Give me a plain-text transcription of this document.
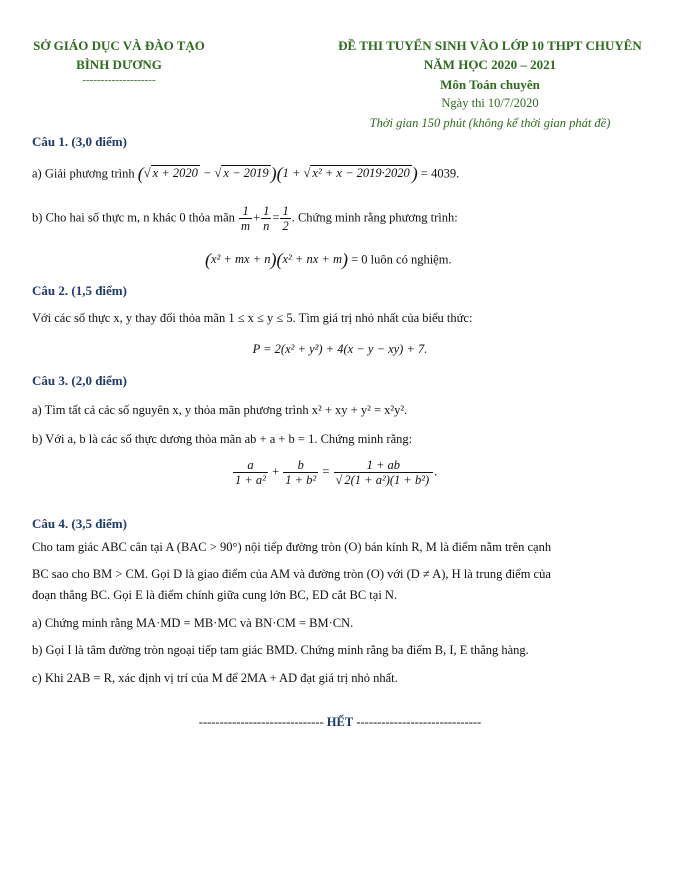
SỞ GIÁO DỤC VÀ ĐÀO TẠO
BÌNH DƯƠNG
--------------------
ĐỀ THI TUYỂN SINH VÀO LỚP 10 THPT CHUYÊN
NĂM HỌC 2020 – 2021
Môn Toán chuyên
Ngày thi 10/7/2020
Thời gian 150 phút (không kể thời gian phát đề)
Câu 1. (3,0 điểm)
a) Giải phương trình (√ x + 2020 − √ x − 2019 )(1 + √ x² + x − 2019·2020 ) = 4039.
b) Cho hai số thực m, n khác 0 thỏa mãn $\frac{1}{m} + \frac{1}{n} = \frac{1}{2}$ . Chứng minh rằng phương trình:
(x² + mx + n)(x² + nx + m) = 0 luôn có nghiệm.
Câu 2. (1,5 điểm)
Với các số thực x, y thay đổi thỏa mãn 1 ≤ x ≤ y ≤ 5. Tìm giá trị nhỏ nhất của biểu thức:
P = 2(x² + y²) + 4(x − y − xy) + 7.
Câu 3. (2,0 điểm)
a) Tìm tất cả các số nguyên x, y thỏa mãn phương trình x² + xy + y² = x²y².
b) Với a, b là các số thực dương thỏa mãn ab + a + b = 1. Chứng minh rằng:
$\frac{a}{\text{1 + a²}} + \frac{b}{\text{1 + b²}} = \frac{1 + ab}{\text{√ 2(1 + a²)(1 + b²)}}$ .
Câu 4. (3,5 điểm)
Cho tam giác ABC cân tại A (BAC > 90°) nội tiếp đường tròn (O) bán kính R, M là điểm nằm trên cạnh
BC sao cho BM > CM. Gọi D là giao điểm của AM và đường tròn (O) với (D ≠ A), H là trung điểm của
đoạn thẳng BC. Gọi E là điểm chính giữa cung lớn BC, ED cắt BC tại N.
a) Chứng minh rằng MA·MD = MB·MC và BN·CM = BM·CN.
b) Gọi I là tâm đường tròn ngoại tiếp tam giác BMD. Chứng minh rằng ba điểm B, I, E thẳng hàng.
c) Khi 2AB = R, xác định vị trí của M để 2MA + AD đạt giá trị nhỏ nhất.
------------------------------ HẾT ------------------------------
